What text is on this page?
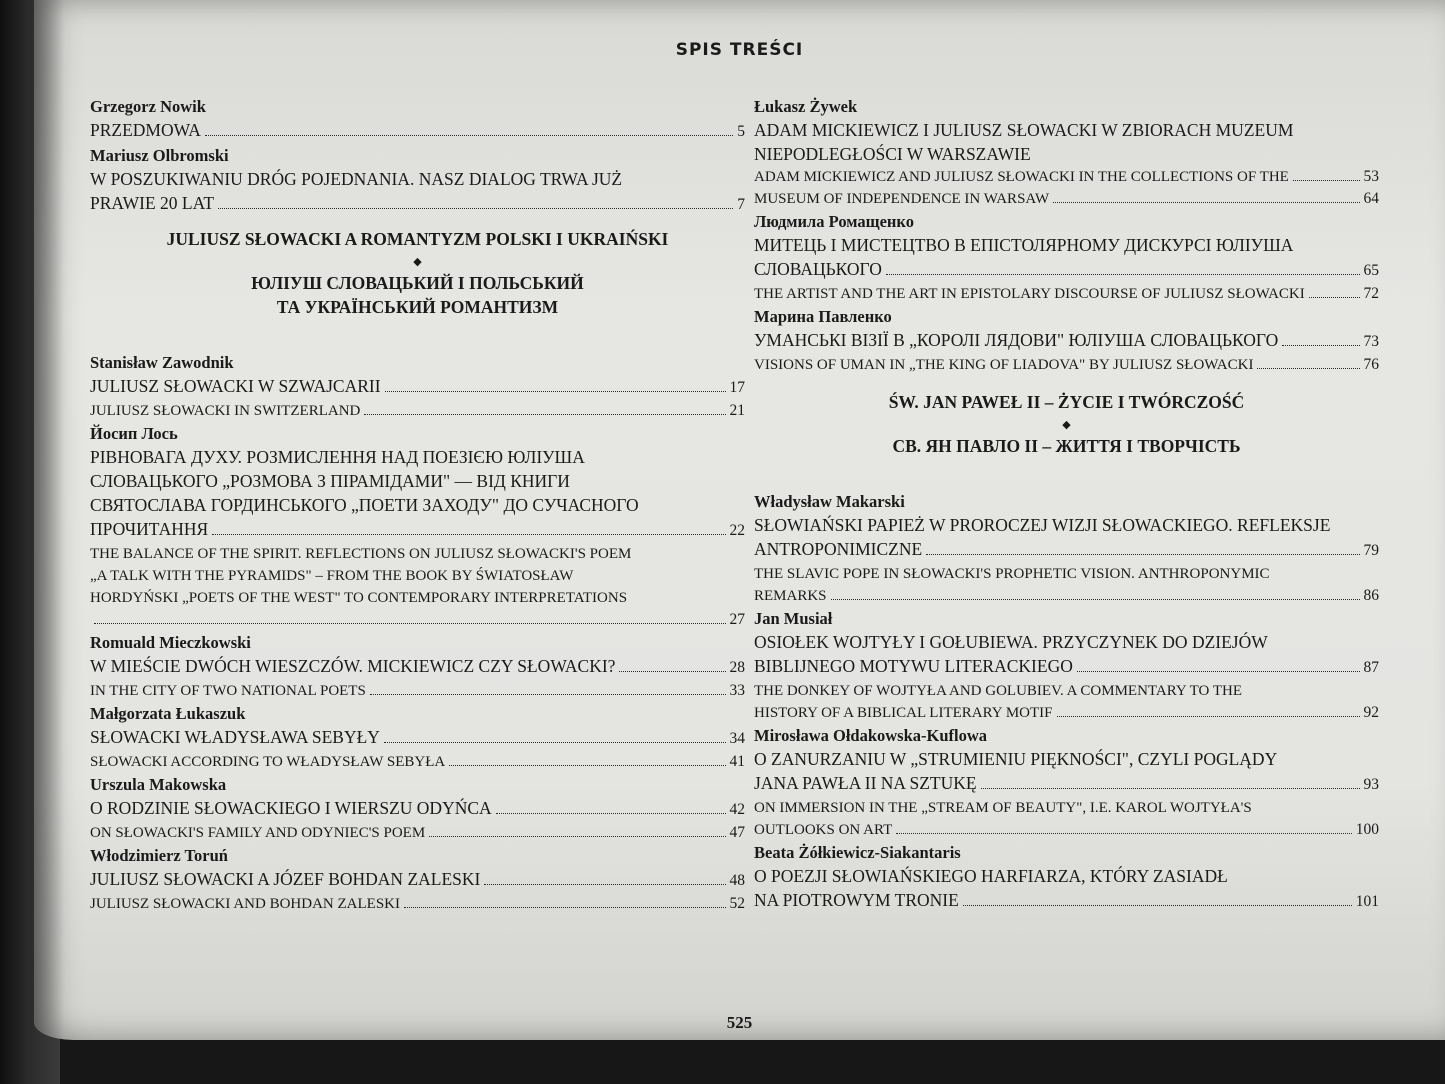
SPIS TREŚCI
Grzegorz Nowik
PRZEDMOWA	5
Mariusz Olbromski
W POSZUKIWANIU DRÓG POJEDNANIA. NASZ DIALOG TRWA JUŻ
PRAWIE 20 LAT	7
JULIUSZ SŁOWACKI A ROMANTYZM POLSKI I UKRAIŃSKI
◆
ЮЛІУШ СЛОВАЦЬКИЙ І ПОЛЬСЬКИЙ
ТА УКРАЇНСЬКИЙ РОМАНТИЗМ
Stanisław Zawodnik
JULIUSZ SŁOWACKI W SZWAJCARII	17
JULIUSZ SŁOWACKI IN SWITZERLAND	21
Йосип Лось
РІВНОВАГА ДУХУ. РОЗМИСЛЕННЯ НАД ПОЕЗІЄЮ ЮЛІУША
СЛОВАЦЬКОГО „РОЗМОВА З ПІРАМІДАМИ" — ВІД КНИГИ
СВЯТОСЛАВА ГОРДИНСЬКОГО „ПОЕТИ ЗАХОДУ" ДО СУЧАСНОГО
ПРОЧИТАННЯ	22
THE BALANCE OF THE SPIRIT. REFLECTIONS ON JULIUSZ SŁOWACKI'S POEM
„A TALK WITH THE PYRAMIDS" – FROM THE BOOK BY ŚWIATOSŁAW
HORDYŃSKI „POETS OF THE WEST" TO CONTEMPORARY INTERPRETATIONS
27
Romuald Mieczkowski
W MIEŚCIE DWÓCH WIESZCZÓW. MICKIEWICZ CZY SŁOWACKI?	28
IN THE CITY OF TWO NATIONAL POETS	33
Małgorzata Łukaszuk
SŁOWACKI WŁADYSŁAWA SEBYŁY	34
SŁOWACKI ACCORDING TO WŁADYSŁAW SEBYŁA	41
Urszula Makowska
O RODZINIE SŁOWACKIEGO I WIERSZU ODYŃCA	42
ON SŁOWACKI'S FAMILY AND ODYNIEC'S POEM	47
Włodzimierz Toruń
JULIUSZ SŁOWACKI A JÓZEF BOHDAN ZALESKI	48
JULIUSZ SŁOWACKI AND BOHDAN ZALESKI	52
Łukasz Żywek
ADAM MICKIEWICZ I JULIUSZ SŁOWACKI W ZBIORACH MUZEUM
NIEPODLEGŁOŚCI W WARSZAWIE
ADAM MICKIEWICZ AND JULIUSZ SŁOWACKI IN THE COLLECTIONS OF THE	53
MUSEUM OF INDEPENDENCE IN WARSAW	64
Людмила Ромащенко
МИТЕЦЬ І МИСТЕЦТВО В ЕПІСТОЛЯРНОМУ ДИСКУРСІ ЮЛІУША
СЛОВАЦЬКОГО	65
THE ARTIST AND THE ART IN EPISTOLARY DISCOURSE OF JULIUSZ SŁOWACKI	72
Марина Павленко
УМАНСЬКІ ВІЗІЇ В „КОРОЛІ ЛЯДОВИ" ЮЛІУША СЛОВАЦЬКОГО	73
VISIONS OF UMAN IN „THE KING OF LIADOVA" BY JULIUSZ SŁOWACKI	76
ŚW. JAN PAWEŁ II – ŻYCIE I TWÓRCZOŚĆ
◆
СВ. ЯН ПАВЛО II – ЖИТТЯ І ТВОРЧІСТЬ
Władysław Makarski
SŁOWIAŃSKI PAPIEŻ W PROROCZEJ WIZJI SŁOWACKIEGO. REFLEKSJE
ANTROPONIMICZNE	79
THE SLAVIC POPE IN SŁOWACKI'S PROPHETIC VISION. ANTHROPONYMIC
REMARKS	86
Jan Musiał
OSIOŁEK WOJTYŁY I GOŁUBIEWA. PRZYCZYNEK DO DZIEJÓW
BIBLIJNEGO MOTYWU LITERACKIEGO	87
THE DONKEY OF WOJTYŁA AND GOLUBIEV. A COMMENTARY TO THE
HISTORY OF A BIBLICAL LITERARY MOTIF	92
Mirosława Ołdakowska-Kuflowa
O ZANURZANIU W „STRUMIENIU PIĘKNOŚCI", CZYLI POGLĄDY
JANA PAWŁA II NA SZTUKĘ	93
ON IMMERSION IN THE „STREAM OF BEAUTY", I.E. KAROL WOJTYŁA'S
OUTLOOKS ON ART	100
Beata Żółkiewicz-Siakantaris
O POEZJI SŁOWIAŃSKIEGO HARFIARZA, KTÓRY ZASIADŁ
NA PIOTROWYM TRONIE	101
525
